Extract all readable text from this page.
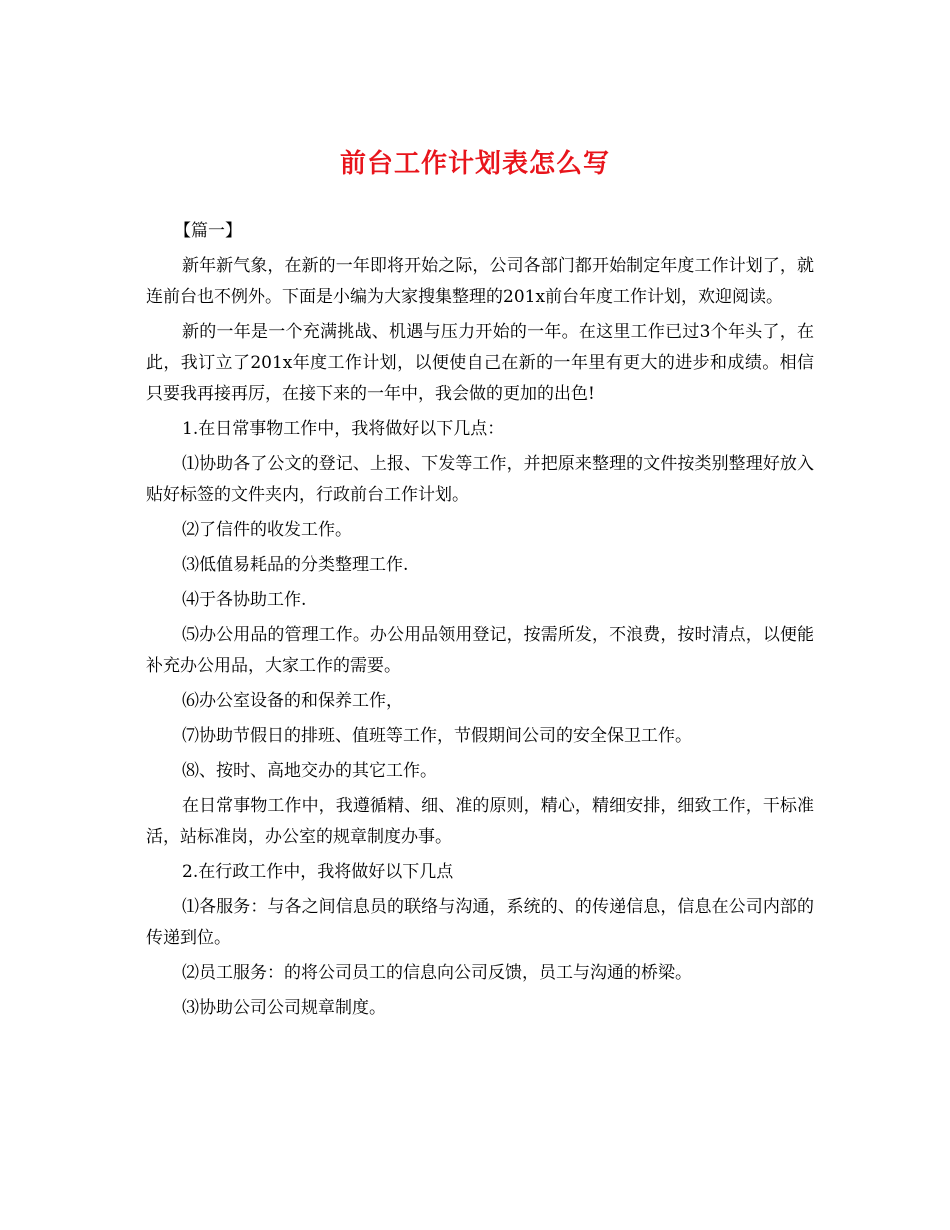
前台工作计划表怎么写

【篇一】

新年新气象，在新的一年即将开始之际，公司各部门都开始制定年度工作计划了，就连前台也不例外。下面是小编为大家搜集整理的201x前台年度工作计划，欢迎阅读。

新的一年是一个充满挑战、机遇与压力开始的一年。在这里工作已过3个年头了，在此，我订立了201x年度工作计划，以便使自己在新的一年里有更大的进步和成绩。相信只要我再接再厉，在接下来的一年中，我会做的更加的出色!

1.在日常事物工作中，我将做好以下几点：

⑴协助各了公文的登记、上报、下发等工作，并把原来整理的文件按类别整理好放入贴好标签的文件夹内，行政前台工作计划。

⑵了信件的收发工作。

⑶低值易耗品的分类整理工作.

⑷于各协助工作.

⑸办公用品的管理工作。办公用品领用登记，按需所发，不浪费，按时清点，以便能补充办公用品，大家工作的需要。

⑹办公室设备的和保养工作，

⑺协助节假日的排班、值班等工作，节假期间公司的安全保卫工作。

⑻、按时、高地交办的其它工作。

在日常事物工作中，我遵循精、细、准的原则，精心，精细安排，细致工作，干标准活，站标准岗，办公室的规章制度办事。

2.在行政工作中，我将做好以下几点

⑴各服务：与各之间信息员的联络与沟通，系统的、的传递信息，信息在公司内部的传递到位。

⑵员工服务：的将公司员工的信息向公司反馈，员工与沟通的桥梁。

⑶协助公司公司规章制度。
